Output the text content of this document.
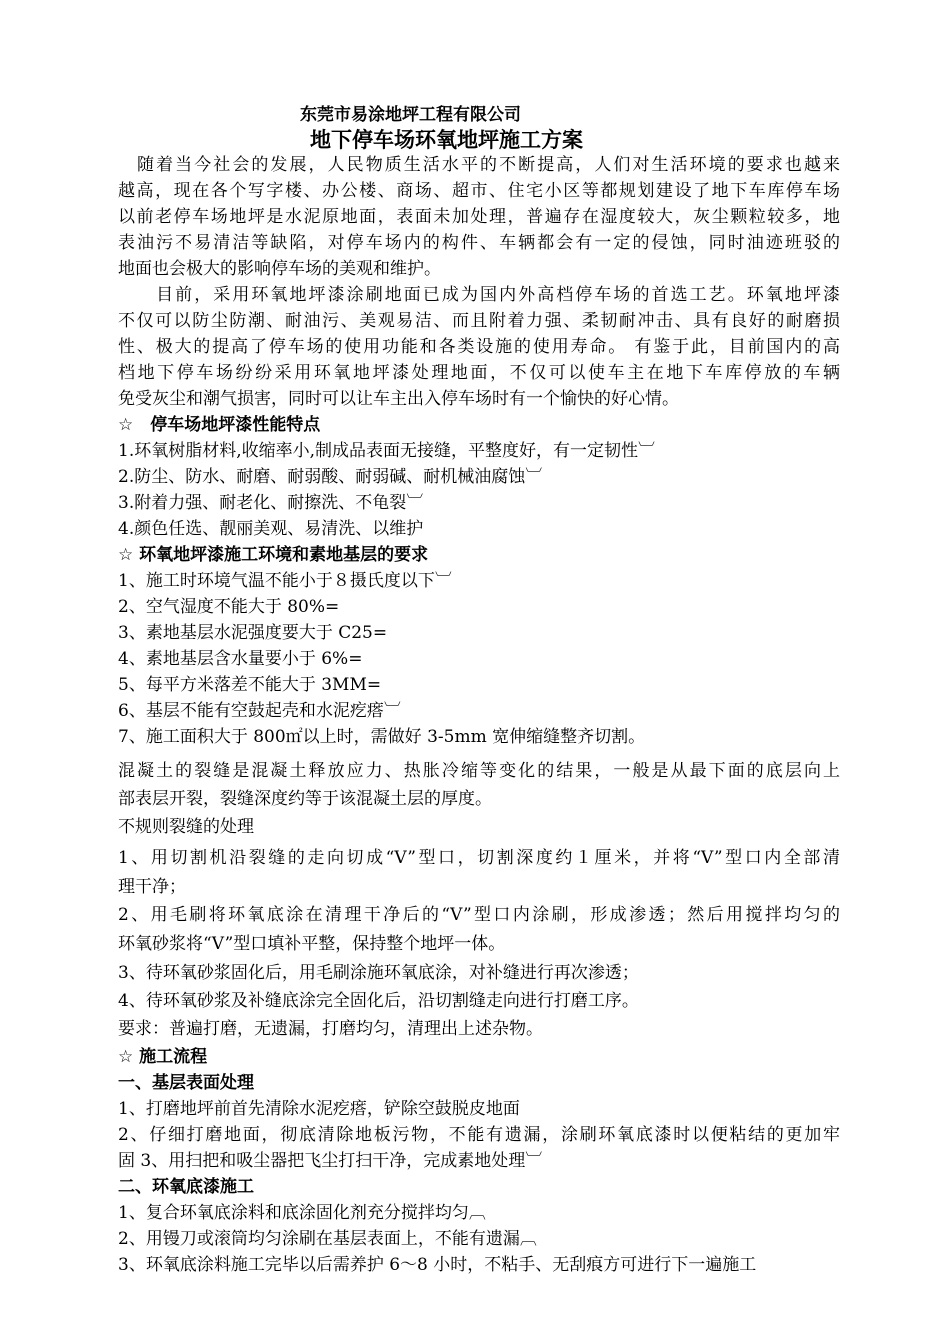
东莞市易涂地坪工程有限公司
地下停车场环氧地坪施工方案
　随着当今社会的发展，人民物质生活水平的不断提高，人们对生活环境的要求也越来
越高，现在各个写字楼、办公楼、商场、超市、住宅小区等都规划建设了地下车库停车场
以前老停车场地坪是水泥原地面，表面未加处理，普遍存在湿度较大，灰尘颗粒较多，地
表油污不易清洁等缺陷，对停车场内的构件、车辆都会有一定的侵蚀，同时油迹班驳的
地面也会极大的影响停车场的美观和维护。
　　目前，采用环氧地坪漆涂刷地面已成为国内外高档停车场的首选工艺。环氧地坪漆
不仅可以防尘防潮、耐油污、美观易洁、而且附着力强、柔韧耐冲击、具有良好的耐磨损
性、极大的提高了停车场的使用功能和各类设施的使用寿命。 有鉴于此，目前国内的高
档地下停车场纷纷采用环氧地坪漆处理地面，不仅可以使车主在地下车库停放的车辆
免受灰尘和潮气损害，同时可以让车主出入停车场时有一个愉快的好心情。
☆　停车场地坪漆性能特点
1.环氧树脂材料,收缩率小,制成品表面无接缝，平整度好，有一定韧性︺
2.防尘、防水、耐磨、耐弱酸、耐弱碱、耐机械油腐蚀︺
3.附着力强、耐老化、耐擦洗、不龟裂︺
4.颜色任选、靓丽美观、易清洗、以维护
☆ 环氧地坪漆施工环境和素地基层的要求
1、施工时环境气温不能小于８摄氏度以下︺
2、空气湿度不能大于 80%=
3、素地基层水泥强度要大于 C25=
4、素地基层含水量要小于 6%=
5、每平方米落差不能大于 3MM=
6、基层不能有空鼓起壳和水泥疙瘩︺
7、施工面积大于 800㎡以上时，需做好 3-5mm 宽伸缩缝整齐切割。
混凝土的裂缝是混凝土释放应力、热胀冷缩等变化的结果，一般是从最下面的底层向上
部表层开裂，裂缝深度约等于该混凝土层的厚度。
不规则裂缝的处理
1、用切割机沿裂缝的走向切成“V”型口，切割深度约１厘米，并将“V”型口内全部清
理干净；
2、用毛刷将环氧底涂在清理干净后的“V”型口内涂刷，形成渗透；然后用搅拌均匀的
环氧砂浆将“V”型口填补平整，保持整个地坪一体。
3、待环氧砂浆固化后，用毛刷涂施环氧底涂，对补缝进行再次渗透；
4、待环氧砂浆及补缝底涂完全固化后，沿切割缝走向进行打磨工序。
要求：普遍打磨，无遗漏，打磨均匀，清理出上述杂物。
☆ 施工流程
一、基层表面处理
1、打磨地坪前首先清除水泥疙瘩，铲除空鼓脱皮地面
2、仔细打磨地面，彻底清除地板污物，不能有遗漏，涂刷环氧底漆时以便粘结的更加牢
固 3、用扫把和吸尘器把飞尘打扫干净，完成素地处理︺
二、环氧底漆施工
1、复合环氧底涂料和底涂固化剂充分搅拌均匀︹
2、用镘刀或滚筒均匀涂刷在基层表面上，不能有遗漏︹
3、环氧底涂料施工完毕以后需养护 6～8 小时，不粘手、无刮痕方可进行下一遍施工
